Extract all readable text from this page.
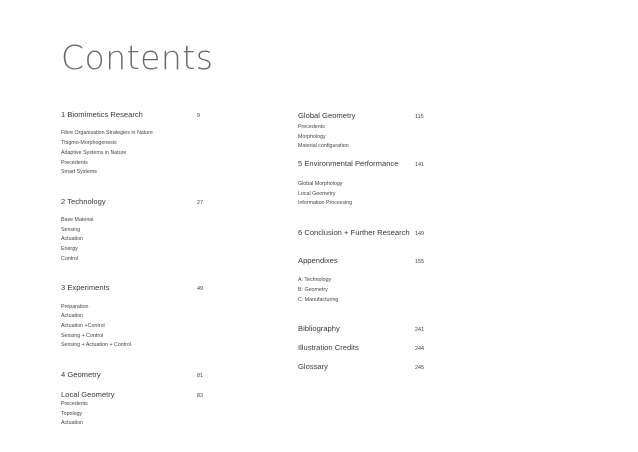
Contents
1 Biomimetics Research	9
Fibre Organisation Strategies in Nature
Thigmo-Morphogenesis
Adaptive Systems in Nature
Precedents
Smart Systems
2 Technology	27
Base Material
Sensing
Actuation
Energy
Control
3 Experiments	49
Preparation
Actuation
Actuation +Control
Sensing + Control
Sensing + Actuation + Control
4 Geometry	81
Local Geometry	83
Precedents
Topology
Actuation
Global Geometry	115
Precedents
Morphology
Material configuration
5 Environmental Performance	141
Global Morphology
Local Geometry
Information Processing
6 Conclusion + Further Research 149
Appendixes	155
A: Technology
B: Geometry
C: Manufacturing
Bibliography	241
Illustration Credits	244
Glossary	245
